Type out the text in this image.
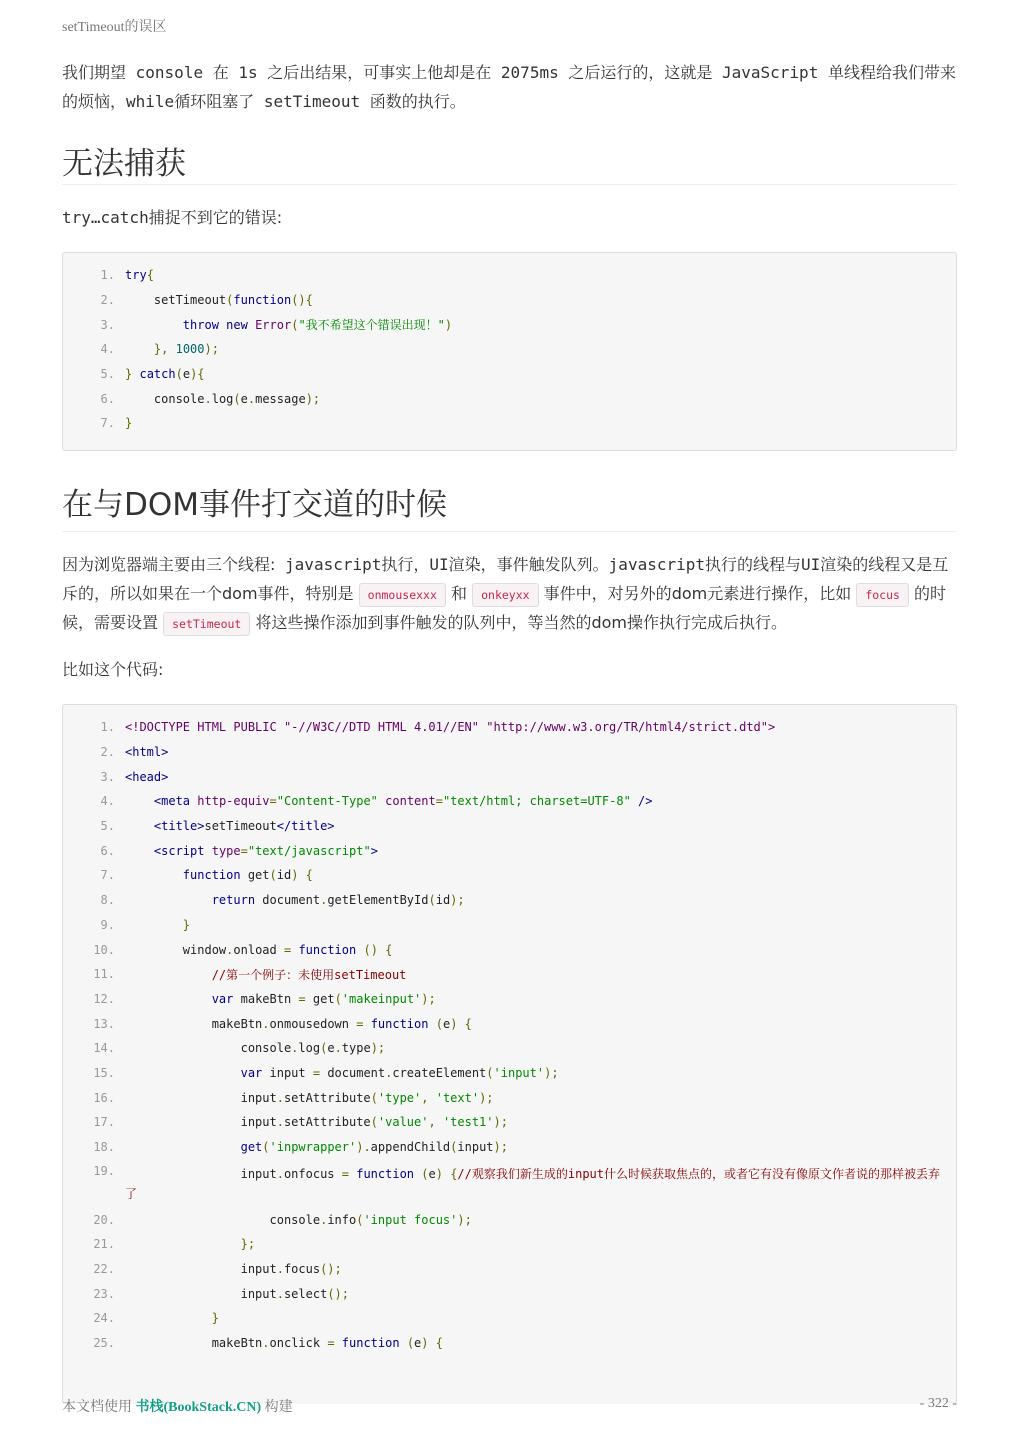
setTimeout的误区

我们期望 console 在 1s 之后出结果，可事实上他却是在 2075ms 之后运行的，这就是 JavaScript 单线程给我们带来的烦恼，while循环阻塞了 setTimeout 函数的执行。

无法捕获

try…catch捕捉不到它的错误:

1. try{
2. setTimeout(function(){
3.	throw new Error("我不希望这个错误出现！")
4.	}, 1000);
5. } catch(e){
6. console.log(e.message);
7. }
在与DOM事件打交道的时候

因为浏览器端主要由三个线程: javascript执行，UI渲染，事件触发队列。javascript执行的线程与UI渲染的线程又是互斥的，所以如果在一个dom事件，特别是 onmousexxx 和 onkeyxx 事件中，对另外的dom元素进行操作，比如 focus 的时候，需要设置 setTimeout 将这些操作添加到事件触发的队列中，等当然的dom操作执行完成后执行。

比如这个代码:

1. <!DOCTYPE HTML PUBLIC "-//W3C//DTD HTML 4.01//EN" "http://www.w3.org/TR/html4/strict.dtd">
2. <html>
3. <head>
4.	<meta http-equiv="Content-Type" content="text/html; charset=UTF-8" />
5.	<title>setTimeout</title>
6.	<script type="text/javascript">
7.	function get(id) {
8.	return document.getElementById(id);
9.	}
10. window.onload = function () {
11.	//第一个例子：未使用setTimeout
12.	var makeBtn = get('makeinput');
13. makeBtn.onmousedown = function (e) {
14. console.log(e.type);
15.	var input = document.createElement('input');
16. input.setAttribute('type', 'text');
17. input.setAttribute('value', 'test1');
18.	get('inpwrapper').appendChild(input);
19. input.onfocus = function (e) {//观察我们新生成的input什么时候获取焦点的，或者它有没有像原文作者说的那样被丢弃了
20. console.info('input focus');
21.	};
22. input.focus();
23. input.select();
24.	}
25. makeBtn.onclick = function (e) {
本文档使用 书栈(BookStack.CN) 构建	- 322 -
